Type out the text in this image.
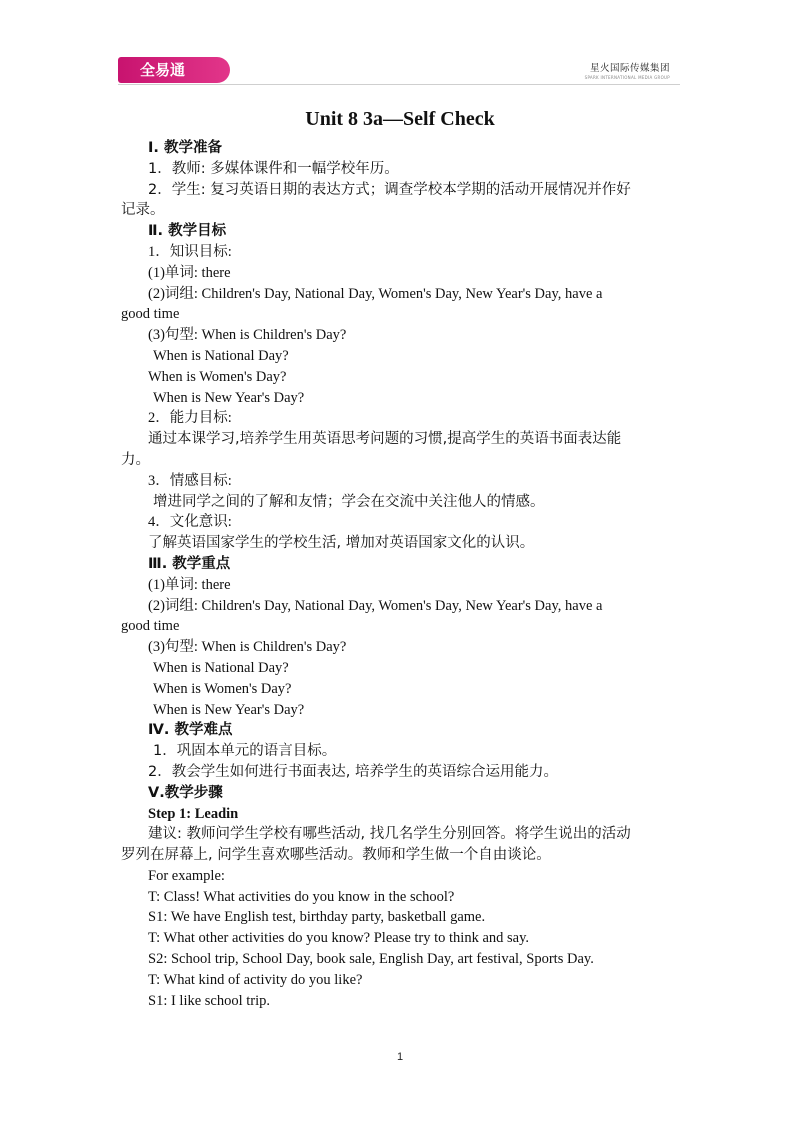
全易通	星火国际传媒集团
SPARK INTERNATIONAL MEDIA GROUP
Unit 8 3a—Self Check
Ⅰ. 教学准备
1．教师: 多媒体课件和一幅学校年历。
2．学生: 复习英语日期的表达方式；调查学校本学期的活动开展情况并作好
记录。
Ⅱ. 教学目标
1．知识目标:
(1)单词: there
(2)词组: Children's Day, National Day, Women's Day, New Year's Day, have a
good time
(3)句型: When is Children's Day?
When is National Day?
When is Women's Day?
When is New Year's Day?
2．能力目标:
通过本课学习,培养学生用英语思考问题的习惯,提高学生的英语书面表达能
力。
3．情感目标:
增进同学之间的了解和友情；学会在交流中关注他人的情感。
4．文化意识:
了解英语国家学生的学校生活, 增加对英语国家文化的认识。
Ⅲ. 教学重点
(1)单词: there
(2)词组: Children's Day, National Day, Women's Day, New Year's Day, have a
good time
(3)句型: When is Children's Day?
When is National Day?
When is Women's Day?
When is New Year's Day?
Ⅳ. 教学难点
1．巩固本单元的语言目标。
2．教会学生如何进行书面表达, 培养学生的英语综合运用能力。
Ⅴ.教学步骤
Step 1: Leadin
建议: 教师问学生学校有哪些活动, 找几名学生分别回答。将学生说出的活动
罗列在屏幕上, 问学生喜欢哪些活动。教师和学生做一个自由谈论。
For example:
T: Class! What activities do you know in the school?
S1: We have English test, birthday party, basketball game.
T: What other activities do you know? Please try to think and say.
S2: School trip, School Day, book sale, English Day, art festival, Sports Day.
T: What kind of activity do you like?
S1: I like school trip.
1
